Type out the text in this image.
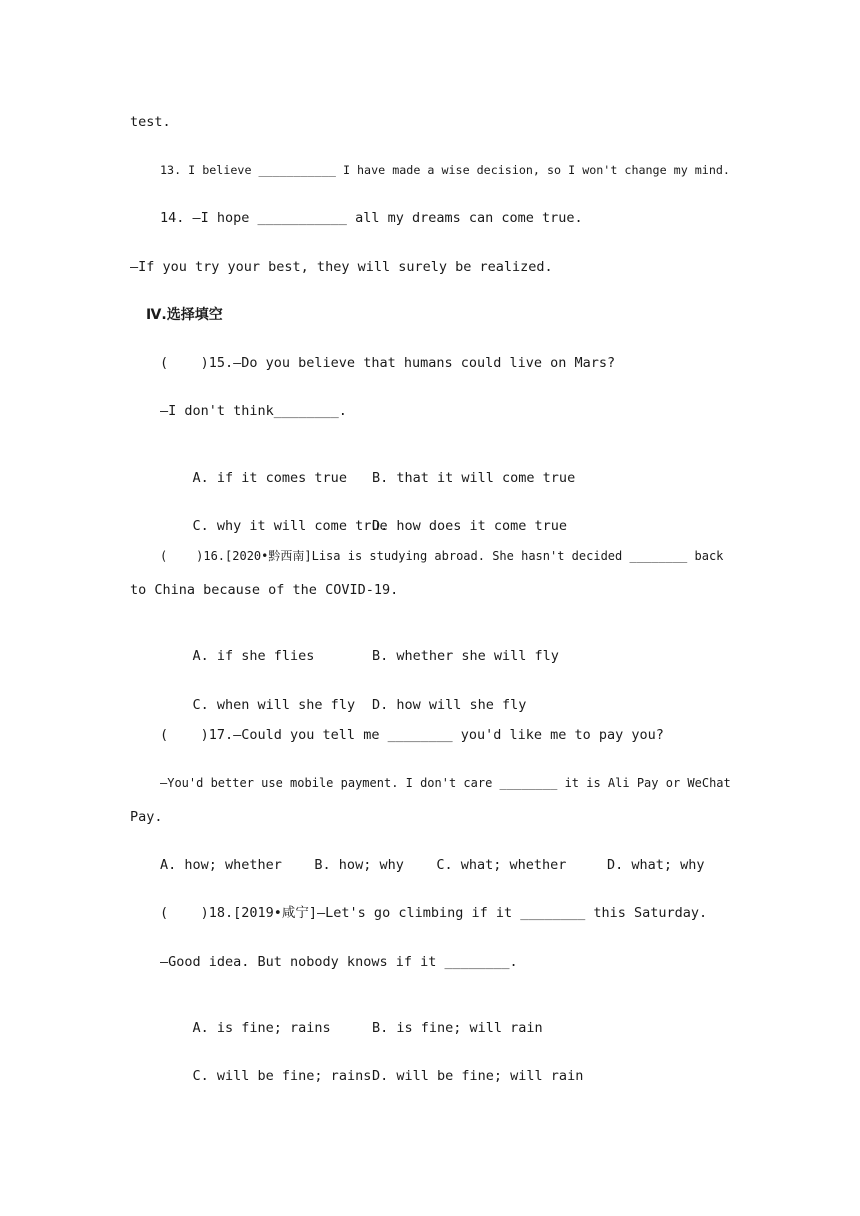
test.
13. I believe ___________ I have made a wise decision, so I won't change my mind.
14. —I hope ___________ all my dreams can come true.
—If you try your best, they will surely be realized.
Ⅳ.选择填空
(    )15.—Do you believe that humans could live on Mars?
—I don't think________.

A. if it comes true B. that it will come true

C. why it will come true
D. how does it come true

(    )16.[2020•黔西南]Lisa is studying abroad. She hasn't decided ________ back
to China because of the COVID-19.

A. if she flies	B. whether she will fly

C. when will she fly D. how will she fly

(    )17.—Could you tell me ________ you'd like me to pay you?
—You'd better use mobile payment. I don't care ________ it is Ali Pay or WeChat
Pay.
A. how; whether    B. how; why    C. what; whether     D. what; why
(    )18.[2019•咸宁]—Let's go climbing if it ________ this Saturday.
—Good idea. But nobody knows if it ________.

A. is fine; rains	B. is fine; will rain

C. will be fine; rains D. will be fine; will rain
